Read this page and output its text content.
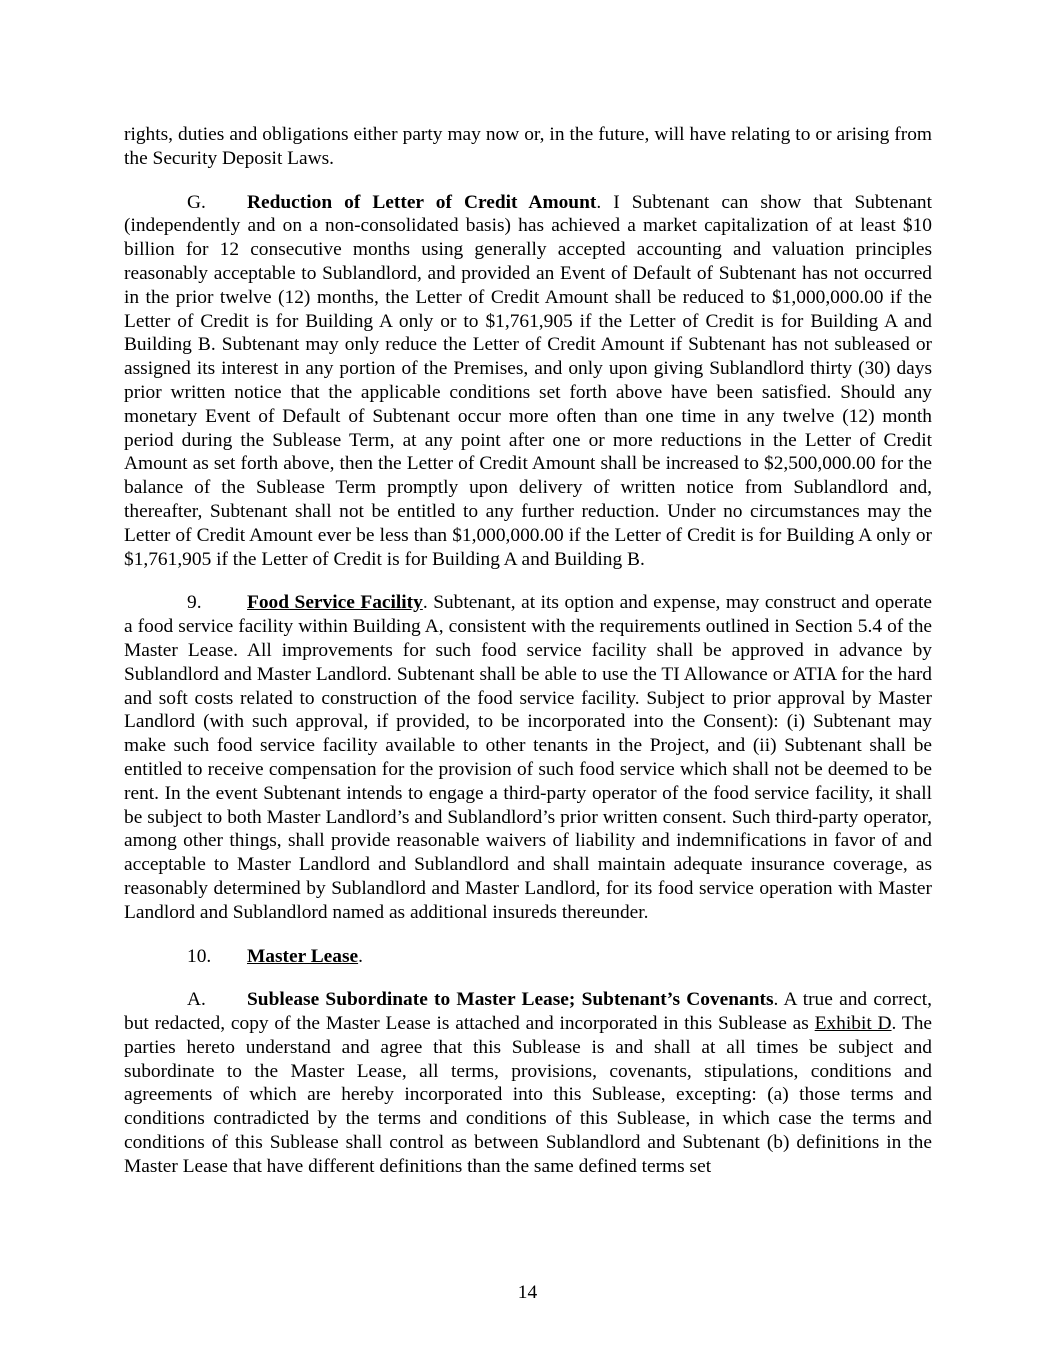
rights, duties and obligations either party may now or, in the future, will have relating to or arising from the Security Deposit Laws.

G. Reduction of Letter of Credit Amount. I Subtenant can show that Subtenant (independently and on a non-consolidated basis) has achieved a market capitalization of at least $10 billion for 12 consecutive months using generally accepted accounting and valuation principles reasonably acceptable to Sublandlord, and provided an Event of Default of Subtenant has not occurred in the prior twelve (12) months, the Letter of Credit Amount shall be reduced to $1,000,000.00 if the Letter of Credit is for Building A only or to $1,761,905 if the Letter of Credit is for Building A and Building B. Subtenant may only reduce the Letter of Credit Amount if Subtenant has not subleased or assigned its interest in any portion of the Premises, and only upon giving Sublandlord thirty (30) days prior written notice that the applicable conditions set forth above have been satisfied. Should any monetary Event of Default of Subtenant occur more often than one time in any twelve (12) month period during the Sublease Term, at any point after one or more reductions in the Letter of Credit Amount as set forth above, then the Letter of Credit Amount shall be increased to $2,500,000.00 for the balance of the Sublease Term promptly upon delivery of written notice from Sublandlord and, thereafter, Subtenant shall not be entitled to any further reduction. Under no circumstances may the Letter of Credit Amount ever be less than $1,000,000.00 if the Letter of Credit is for Building A only or $1,761,905 if the Letter of Credit is for Building A and Building B.

9. Food Service Facility. Subtenant, at its option and expense, may construct and operate a food service facility within Building A, consistent with the requirements outlined in Section 5.4 of the Master Lease. All improvements for such food service facility shall be approved in advance by Sublandlord and Master Landlord. Subtenant shall be able to use the TI Allowance or ATIA for the hard and soft costs related to construction of the food service facility. Subject to prior approval by Master Landlord (with such approval, if provided, to be incorporated into the Consent): (i) Subtenant may make such food service facility available to other tenants in the Project, and (ii) Subtenant shall be entitled to receive compensation for the provision of such food service which shall not be deemed to be rent. In the event Subtenant intends to engage a third-party operator of the food service facility, it shall be subject to both Master Landlord’s and Sublandlord’s prior written consent. Such third-party operator, among other things, shall provide reasonable waivers of liability and indemnifications in favor of and acceptable to Master Landlord and Sublandlord and shall maintain adequate insurance coverage, as reasonably determined by Sublandlord and Master Landlord, for its food service operation with Master Landlord and Sublandlord named as additional insureds thereunder.

10. Master Lease.

A. Sublease Subordinate to Master Lease; Subtenant’s Covenants. A true and correct, but redacted, copy of the Master Lease is attached and incorporated in this Sublease as Exhibit D. The parties hereto understand and agree that this Sublease is and shall at all times be subject and subordinate to the Master Lease, all terms, provisions, covenants, stipulations, conditions and agreements of which are hereby incorporated into this Sublease, excepting: (a) those terms and conditions contradicted by the terms and conditions of this Sublease, in which case the terms and conditions of this Sublease shall control as between Sublandlord and Subtenant (b) definitions in the Master Lease that have different definitions than the same defined terms set

14
